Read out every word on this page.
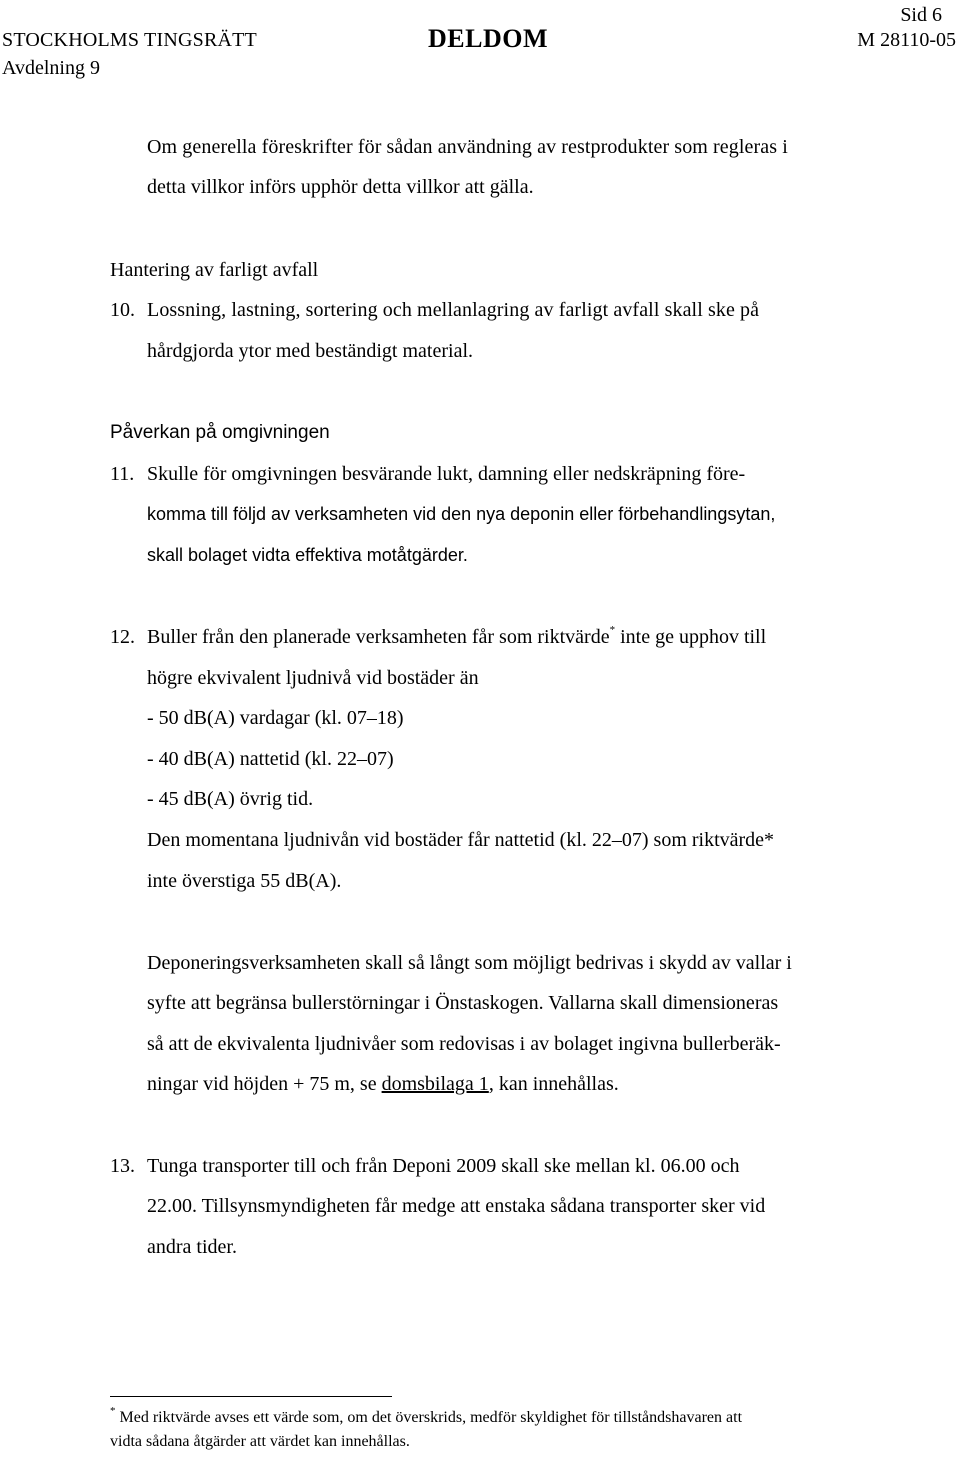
Sid 6
STOCKHOLMS TINGSRÄTT	DELDOM	M 28110-05
Avdelning 9
Om generella föreskrifter för sådan användning av restprodukter som regleras i
detta villkor införs upphör detta villkor att gälla.
Hantering av farligt avfall
10. Lossning, lastning, sortering och mellanlagring av farligt avfall skall ske på
hårdgjorda ytor med beständigt material.
Påverkan på omgivningen
11. Skulle för omgivningen besvärande lukt, damning eller nedskräpning före-
komma till följd av verksamheten vid den nya deponin eller förbehandlingsytan,
skall bolaget vidta effektiva motåtgärder.
12. Buller från den planerade verksamheten får som riktvärde* inte ge upphov till
högre ekvivalent ljudnivå vid bostäder än
- 50 dB(A) vardagar (kl. 07–18)
- 40 dB(A) nattetid (kl. 22–07)
- 45 dB(A) övrig tid.
Den momentana ljudnivån vid bostäder får nattetid (kl. 22–07) som riktvärde*
inte överstiga 55 dB(A).
Deponeringsverksamheten skall så långt som möjligt bedrivas i skydd av vallar i
syfte att begränsa bullerstörningar i Önstaskogen. Vallarna skall dimensioneras
så att de ekvivalenta ljudnivåer som redovisas i av bolaget ingivna bullerberäk-
ningar vid höjden + 75 m, se domsbilaga 1, kan innehållas.
13. Tunga transporter till och från Deponi 2009 skall ske mellan kl. 06.00 och
22.00. Tillsynsmyndigheten får medge att enstaka sådana transporter sker vid
andra tider.
* Med riktvärde avses ett värde som, om det överskrids, medför skyldighet för tillståndshavaren att
vidta sådana åtgärder att värdet kan innehållas.
